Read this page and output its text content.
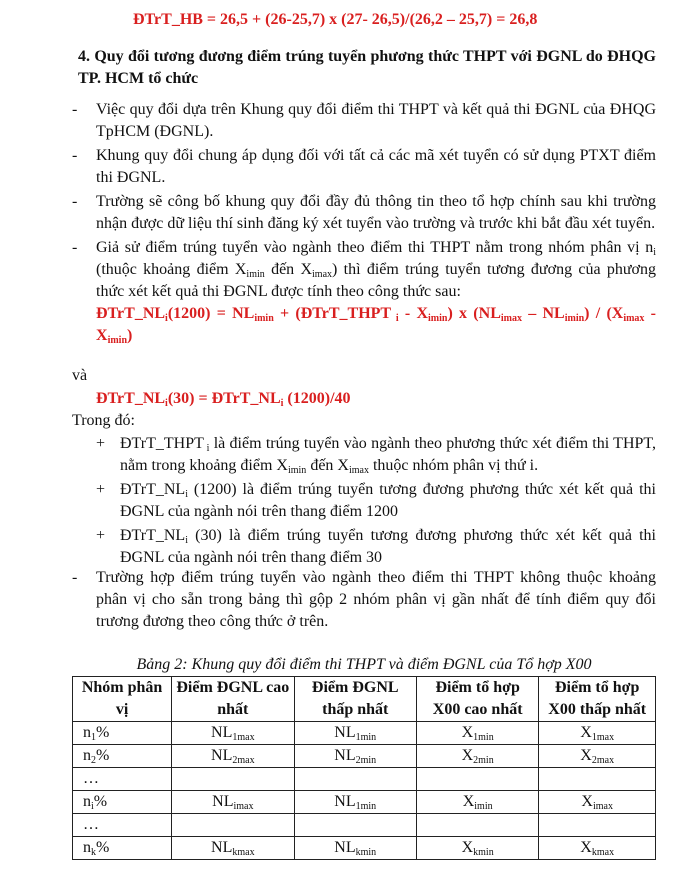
ĐTrT_HB = 26,5 + (26-25,7) x (27- 26,5)/(26,2 – 25,7) = 26,8
4. Quy đổi tương đương điểm trúng tuyển phương thức THPT với ĐGNL do ĐHQG TP. HCM tổ chức
- Việc quy đổi dựa trên Khung quy đổi điểm thi THPT và kết quả thi ĐGNL của ĐHQG TpHCM (ĐGNL).
- Khung quy đổi chung áp dụng đối với tất cả các mã xét tuyển có sử dụng PTXT điểm thi ĐGNL.
- Trường sẽ công bố khung quy đổi đầy đủ thông tin theo tổ hợp chính sau khi trường nhận được dữ liệu thí sinh đăng ký xét tuyển vào trường và trước khi bắt đầu xét tuyển.
- Giả sử điểm trúng tuyển vào ngành theo điểm thi THPT nằm trong nhóm phân vị $n_i$ (thuộc khoảng điểm $X_{imin}$ đến $X_{imax}$) thì điểm trúng tuyển tương đương của phương thức xét kết quả thi ĐGNL được tính theo công thức sau:
$ĐTrT\_NL_i(1200) = NL_{imin}$ + (ĐTrT_THPT $_i - X_{imin}$) x $(NL_{imax} - NL_{imin}) / (X_{imax} - X_{imin})$
và
$ĐTrT\_NL_i(30)$ = $ĐTrT\_NL_i$ (1200)/40
Trong đó:
+ ĐTrT_THPT $_i$ là điểm trúng tuyển vào ngành theo phương thức xét điểm thi THPT, nằm trong khoảng điểm $X_{imin}$ đến $X_{imax}$ thuộc nhóm phân vị thứ i.
+ $ĐTrT\_NL_i$ (1200) là điểm trúng tuyển tương đương phương thức xét kết quả thi ĐGNL của ngành nói trên thang điểm 1200
+ $ĐTrT\_NL_i$ (30) là điểm trúng tuyển tương đương phương thức xét kết quả thi ĐGNL của ngành nói trên thang điểm 30
- Trường hợp điểm trúng tuyển vào ngành theo điểm thi THPT không thuộc khoảng phân vị cho sẵn trong bảng thì gộp 2 nhóm phân vị gần nhất để tính điểm quy đổi trương đương theo công thức ở trên.
Bảng 2: Khung quy đổi điểm thi THPT và điểm ĐGNL của Tổ hợp X00
Nhóm phân vị	Điểm ĐGNL cao nhất	Điểm ĐGNL thấp nhất	Điểm tổ hợp X00 cao nhất	Điểm tổ hợp X00 thấp nhất
$n_1\%$	$NL_{1max}$	$NL_{1min}$	$X_{1min}$	$X_{1max}$
$n_2\%$	$NL_{2max}$	$NL_{2min}$	$X_{2min}$	$X_{2max}$
…				
$n_i\%$	$NL_{imax}$	$NL_{1min}$	$X_{imin}$	$X_{imax}$
…				
$n_k\%$	$NL_{kmax}$	$NL_{kmin}$	$X_{kmin}$	$X_{kmax}$
